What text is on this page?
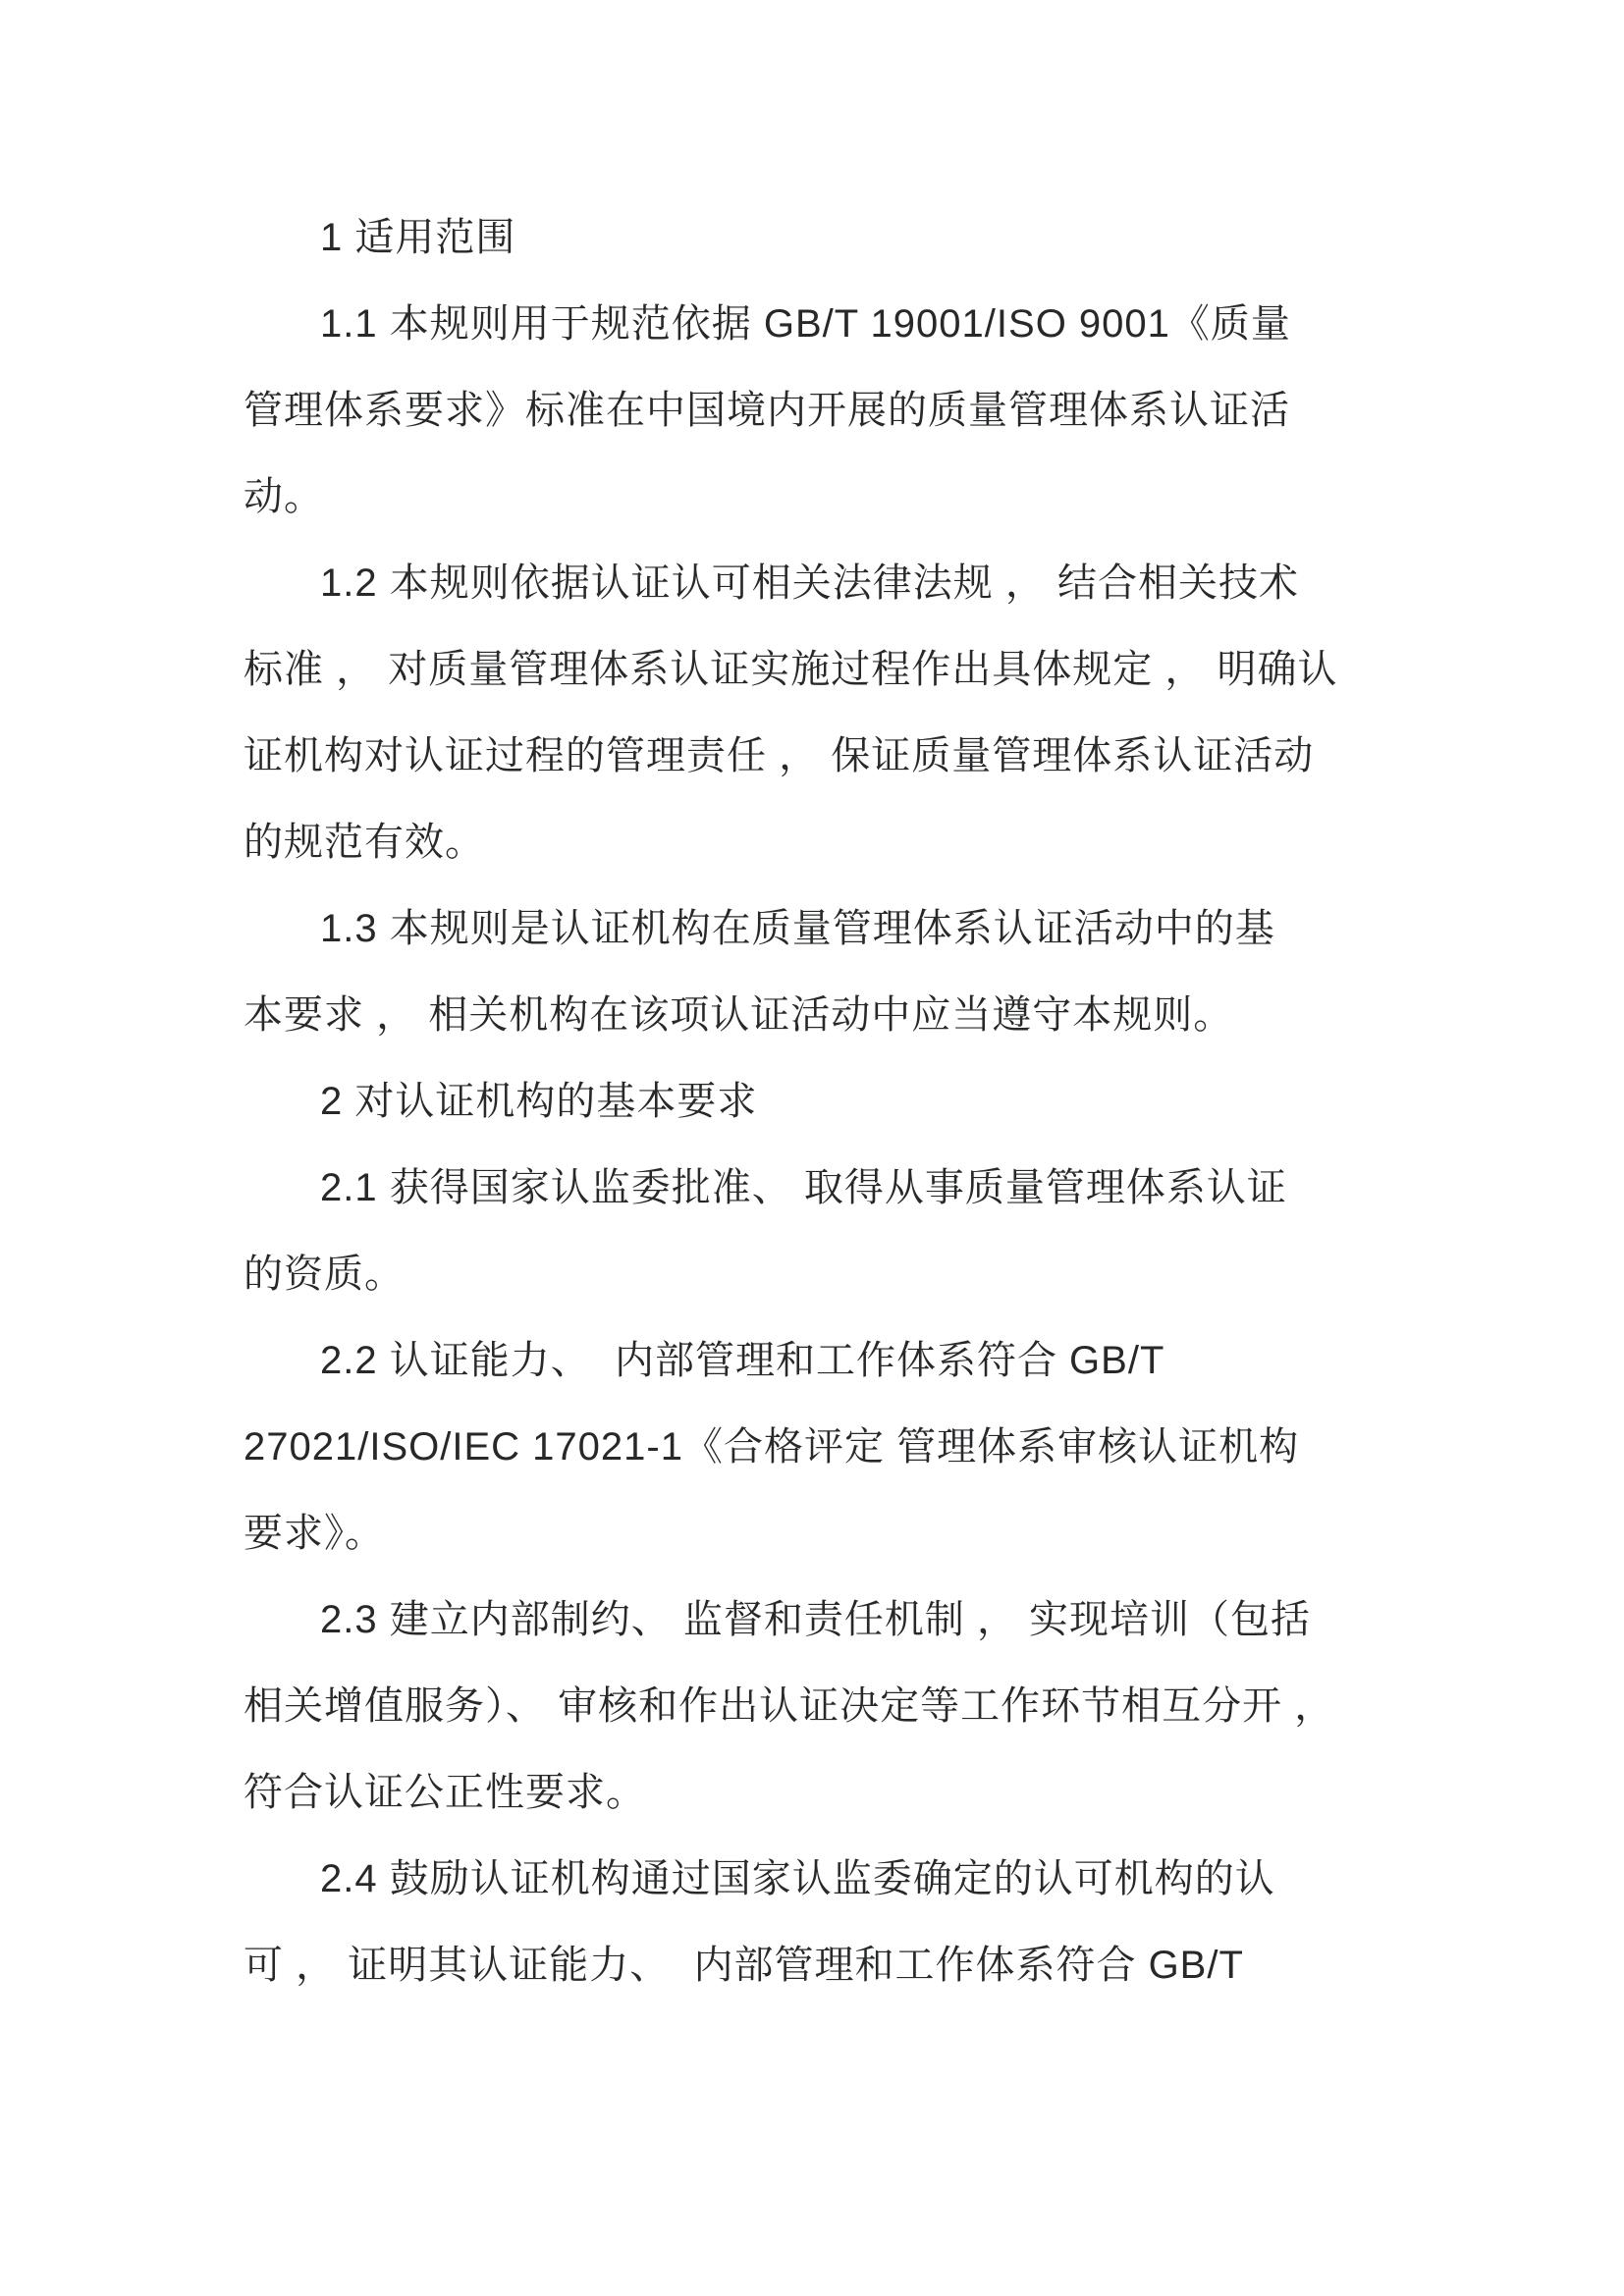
1 适用范围
1.1 本规则用于规范依据 GB/T 19001/ISO 9001《质量
管理体系要求》标准在中国境内开展的质量管理体系认证活
动。
1.2 本规则依据认证认可相关法律法规 ， 结合相关技术
标准 ， 对质量管理体系认证实施过程作出具体规定 ， 明确认
证机构对认证过程的管理责任 ， 保证质量管理体系认证活动
的规范有效。
1.3 本规则是认证机构在质量管理体系认证活动中的基
本要求 ， 相关机构在该项认证活动中应当遵守本规则。
2 对认证机构的基本要求
2.1 获得国家认监委批准、 取得从事质量管理体系认证
的资质。
2.2 认证能力、  内部管理和工作体系符合 GB/T
27021/ISO/IEC 17021-1《合格评定 管理体系审核认证机构
要求》。
2.3 建立内部制约、 监督和责任机制 ， 实现培训（包括
相关增值服务）、 审核和作出认证决定等工作环节相互分开 ，
符合认证公正性要求。
2.4 鼓励认证机构通过国家认监委确定的认可机构的认
可 ， 证明其认证能力、  内部管理和工作体系符合 GB/T
